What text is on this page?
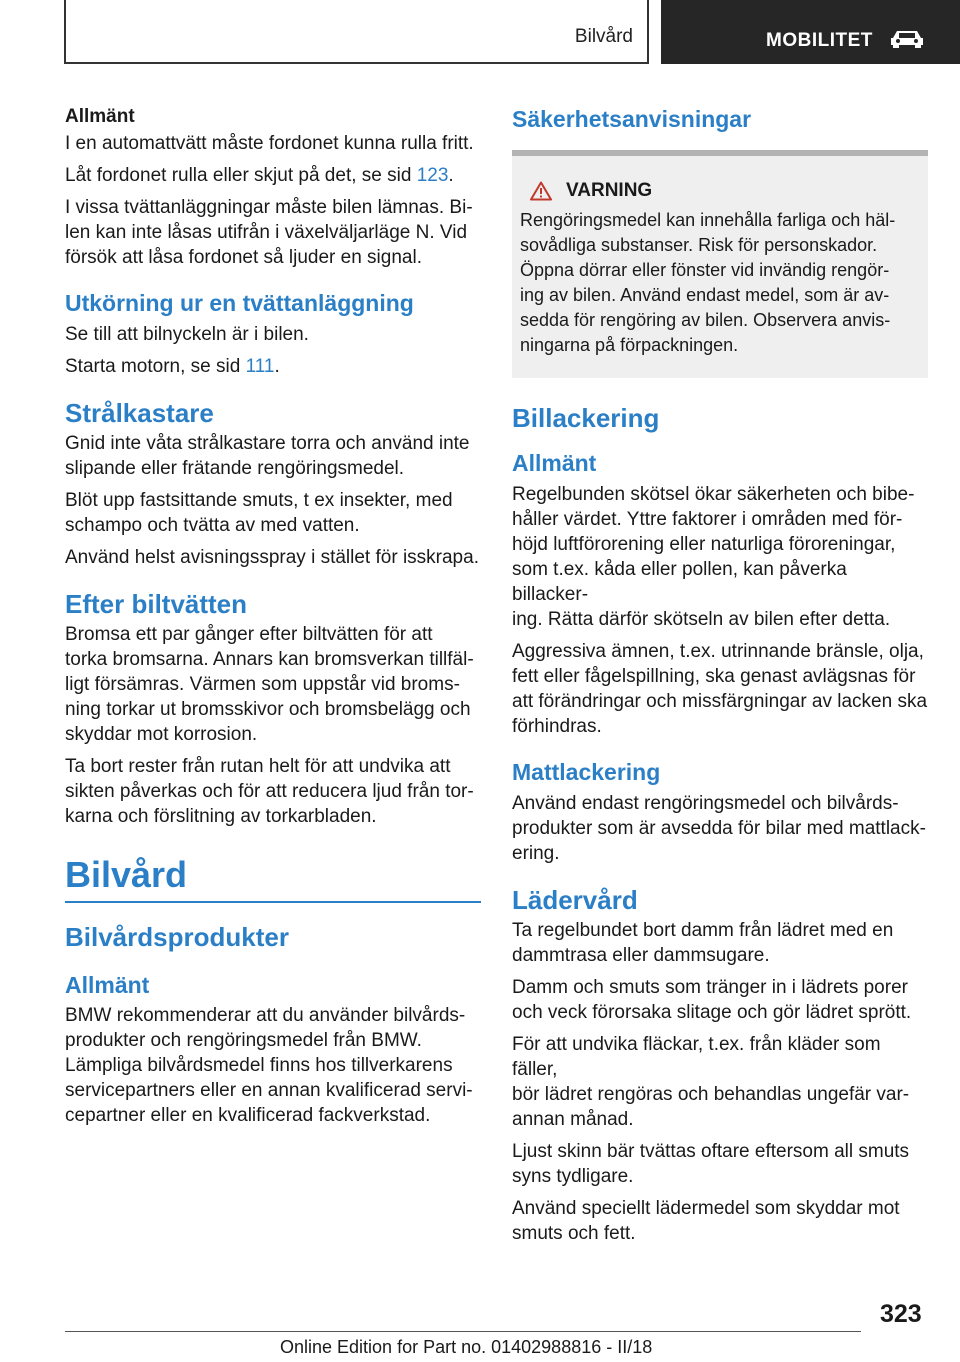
Bilvård	MOBILITET
Allmänt

I en automattvätt måste fordonet kunna rulla fritt.

Låt fordonet rulla eller skjut på det, se sid 123.

I vissa tvättanläggningar måste bilen lämnas. Bi-
len kan inte låsas utifrån i växelväljarläge N. Vid
försök att låsa fordonet så ljuder en signal.

Utkörning ur en tvättanläggning

Se till att bilnyckeln är i bilen.

Starta motorn, se sid 111.

Strålkastare

Gnid inte våta strålkastare torra och använd inte
slipande eller frätande rengöringsmedel.

Blöt upp fastsittande smuts, t ex insekter, med
schampo och tvätta av med vatten.

Använd helst avisningsspray i stället för isskrapa.

Efter biltvätten

Bromsa ett par gånger efter biltvätten för att
torka bromsarna. Annars kan bromsverkan tillfäl-
ligt försämras. Värmen som uppstår vid broms-
ning torkar ut bromsskivor och bromsbelägg och
skyddar mot korrosion.

Ta bort rester från rutan helt för att undvika att
sikten påverkas och för att reducera ljud från tor-
karna och förslitning av torkarbladen.

Bilvård
Bilvårdsprodukter
Allmänt

BMW rekommenderar att du använder bilvårds-
produkter och rengöringsmedel från BMW.
Lämpliga bilvårdsmedel finns hos tillverkarens
servicepartners eller en annan kvalificerad servi-
cepartner eller en kvalificerad fackverkstad.

Säkerhetsanvisningar
VARNING

Rengöringsmedel kan innehålla farliga och häl-
sovådliga substanser. Risk för personskador.
Öppna dörrar eller fönster vid invändig rengör-
ing av bilen. Använd endast medel, som är av-
sedda för rengöring av bilen. Observera anvis-
ningarna på förpackningen.

Billackering
Allmänt

Regelbunden skötsel ökar säkerheten och bibe-
håller värdet. Yttre faktorer i områden med för-
höjd luftförorening eller naturliga föroreningar,
som t.ex. kåda eller pollen, kan påverka billacker-
ing. Rätta därför skötseln av bilen efter detta.

Aggressiva ämnen, t.ex. utrinnande bränsle, olja,
fett eller fågelspillning, ska genast avlägsnas för
att förändringar och missfärgningar av lacken ska
förhindras.

Mattlackering

Använd endast rengöringsmedel och bilvårds-
produkter som är avsedda för bilar med mattlack-
ering.

Lädervård

Ta regelbundet bort damm från lädret med en
dammtrasa eller dammsugare.

Damm och smuts som tränger in i lädrets porer
och veck förorsaka slitage och gör lädret sprött.

För att undvika fläckar, t.ex. från kläder som fäller,
bör lädret rengöras och behandlas ungefär var-
annan månad.

Ljust skinn bär tvättas oftare eftersom all smuts
syns tydligare.

Använd speciellt lädermedel som skyddar mot
smuts och fett.

323
Online Edition for Part no. 01402988816 - II/18
